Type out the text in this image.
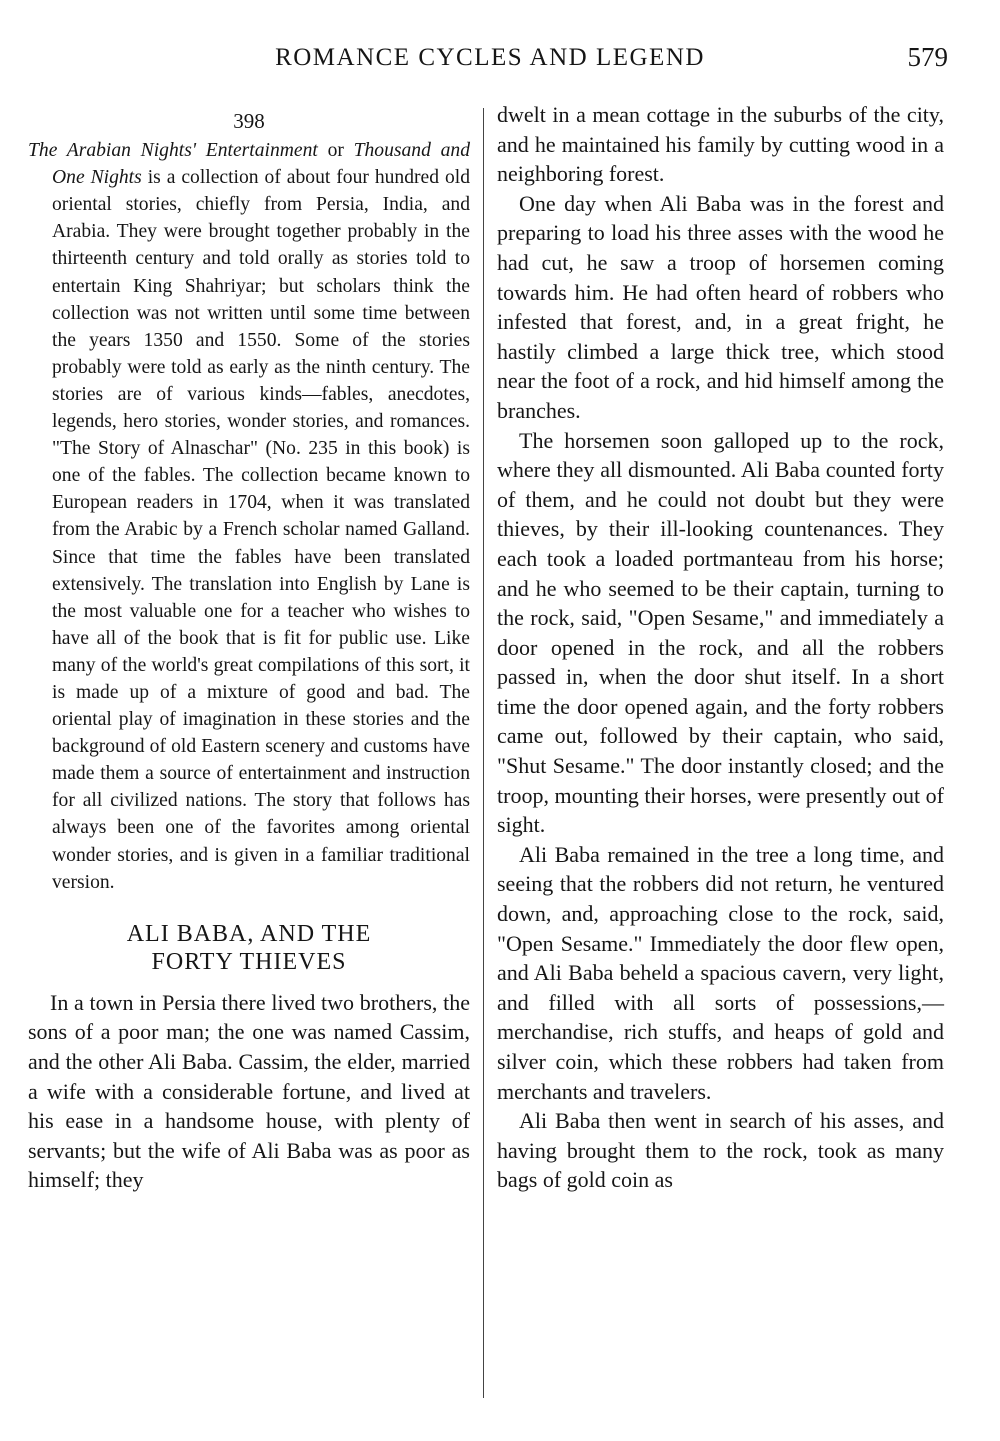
ROMANCE CYCLES AND LEGEND	579
398

The Arabian Nights' Entertainment or Thousand and One Nights is a collection of about four hundred old oriental stories, chiefly from Persia, India, and Arabia. They were brought together probably in the thirteenth century and told orally as stories told to entertain King Shahriyar; but scholars think the collection was not written until some time between the years 1350 and 1550. Some of the stories probably were told as early as the ninth century. The stories are of various kinds—fables, anecdotes, legends, hero stories, wonder stories, and romances. "The Story of Alnaschar" (No. 235 in this book) is one of the fables. The collection became known to European readers in 1704, when it was translated from the Arabic by a French scholar named Galland. Since that time the fables have been translated extensively. The translation into English by Lane is the most valuable one for a teacher who wishes to have all of the book that is fit for public use. Like many of the world's great compilations of this sort, it is made up of a mixture of good and bad. The oriental play of imagination in these stories and the background of old Eastern scenery and customs have made them a source of entertainment and instruction for all civilized nations. The story that follows has always been one of the favorites among oriental wonder stories, and is given in a familiar traditional version.

ALI BABA, AND THE
FORTY THIEVES

In a town in Persia there lived two brothers, the sons of a poor man; the one was named Cassim, and the other Ali Baba. Cassim, the elder, married a wife with a considerable fortune, and lived at his ease in a handsome house, with plenty of servants; but the wife of Ali Baba was as poor as himself; they

dwelt in a mean cottage in the suburbs of the city, and he maintained his family by cutting wood in a neighboring forest.

One day when Ali Baba was in the forest and preparing to load his three asses with the wood he had cut, he saw a troop of horsemen coming towards him. He had often heard of robbers who infested that forest, and, in a great fright, he hastily climbed a large thick tree, which stood near the foot of a rock, and hid himself among the branches.

The horsemen soon galloped up to the rock, where they all dismounted. Ali Baba counted forty of them, and he could not doubt but they were thieves, by their ill-looking countenances. They each took a loaded portmanteau from his horse; and he who seemed to be their captain, turning to the rock, said, "Open Sesame," and immediately a door opened in the rock, and all the robbers passed in, when the door shut itself. In a short time the door opened again, and the forty robbers came out, followed by their captain, who said, "Shut Sesame." The door instantly closed; and the troop, mounting their horses, were presently out of sight.

Ali Baba remained in the tree a long time, and seeing that the robbers did not return, he ventured down, and, approaching close to the rock, said, "Open Sesame." Immediately the door flew open, and Ali Baba beheld a spacious cavern, very light, and filled with all sorts of possessions,—merchandise, rich stuffs, and heaps of gold and silver coin, which these robbers had taken from merchants and travelers.

Ali Baba then went in search of his asses, and having brought them to the rock, took as many bags of gold coin as
